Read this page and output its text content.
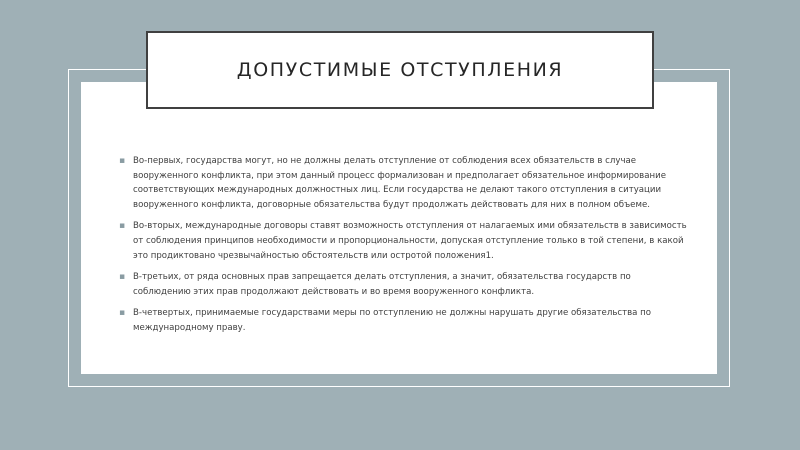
ДОПУСТИМЫЕ ОТСТУПЛЕНИЯ
▪ Во-первых, государства могут, но не должны делать отступление от соблюдения всех обязательств в случае вооруженного конфликта, при этом данный процесс формализован и предполагает обязательное информирование соответствующих международных должностных лиц. Если государства не делают такого отступления в ситуации вооруженного конфликта, договорные обязательства будут продолжать действовать для них в полном объеме.
▪ Во-вторых, международные договоры ставят возможность отступления от налагаемых ими обязательств в зависимость от соблюдения принципов необходимости и пропорциональности, допуская отступление только в той степени, в какой это продиктовано чрезвычайностью обстоятельств или остротой положения1.
▪ В-третьих, от ряда основных прав запрещается делать отступления, а значит, обязательства государств по соблюдению этих прав продолжают действовать и во время вооруженного конфликта.
▪ В-четвертых, принимаемые государствами меры по отступлению не должны нарушать другие обязательства по международному праву.
